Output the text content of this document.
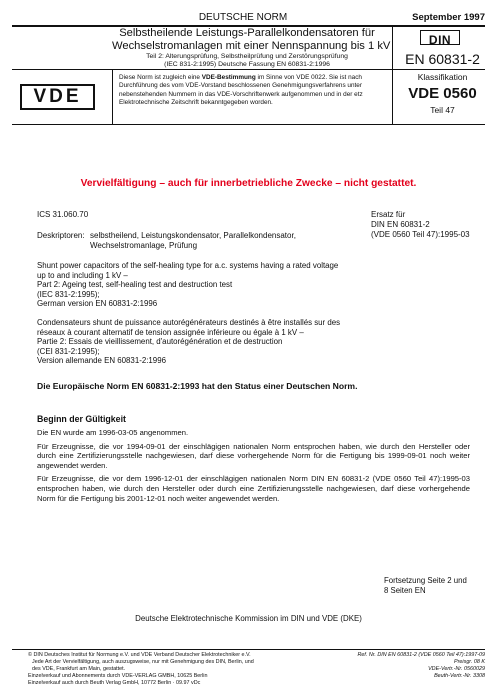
DEUTSCHE NORM	September 1997
Selbstheilende Leistungs-Parallelkondensatoren für
Wechselstromanlagen mit einer Nennspannung bis 1 kV
Teil 2: Alterungsprüfung, Selbstheilprüfung und Zerstörungsprüfung
(IEC 831-2:1995) Deutsche Fassung EN 60831-2:1996
DIN
EN 60831-2
VDE
Diese Norm ist zugleich eine VDE-Bestimmung im Sinne von VDE 0022. Sie ist nach Durchführung des vom VDE-Vorstand beschlossenen Genehmigungsverfahrens unter nebenstehenden Nummern in das VDE-Vorschriftenwerk aufgenommen und in der etz Elektrotechnische Zeitschrift bekanntgegeben worden.
Klassifikation
VDE 0560
Teil 47
Vervielfältigung – auch für innerbetriebliche Zwecke – nicht gestattet.
ICS 31.060.70	Ersatz für
DIN EN 60831-2
(VDE 0560 Teil 47):1995-03
Deskriptoren: selbstheilend, Leistungskondensator, Parallelkondensator,
Wechselstromanlage, Prüfung
Shunt power capacitors of the self-healing type for a.c. systems having a rated voltage
up to and including 1 kV –
Part 2: Ageing test, self-healing test and destruction test
(IEC 831-2:1995);
German version EN 60831-2:1996
Condensateurs shunt de puissance autorégénérateurs destinés à être installés sur des
réseaux à courant alternatif de tension assignée inférieure ou égale à 1 kV –
Partie 2: Essais de vieillissement, d'autorégénération et de destruction
(CEI 831-2:1995);
Version allemande EN 60831-2:1996
Die Europäische Norm EN 60831-2:1993 hat den Status einer Deutschen Norm.
Beginn der Gültigkeit

Die EN wurde am 1996-03-05 angenommen.

Für Erzeugnisse, die vor 1994-09-01 der einschlägigen nationalen Norm entsprochen haben, wie durch den Hersteller oder durch eine Zertifizierungsstelle nachgewiesen, darf diese vorhergehende Norm für die Fertigung bis 1999-09-01 noch weiter angewendet werden.

Für Erzeugnisse, die vor dem 1996-12-01 der einschlägigen nationalen Norm DIN EN 60831-2 (VDE 0560 Teil 47):1995-03 entsprochen haben, wie durch den Hersteller oder durch eine Zertifizierungsstelle nachgewiesen, darf diese vorhergehende Norm für die Fertigung bis 2001-12-01 noch weiter angewendet werden.

Fortsetzung Seite 2 und
8 Seiten EN
Deutsche Elektrotechnische Kommission im DIN und VDE (DKE)
© DIN Deutsches Institut für Normung e.V. und VDE Verband Deutscher Elektrotechniker e.V.
Jede Art der Vervielfältigung, auch auszugsweise, nur mit Genehmigung des DIN, Berlin, und
des VDE, Frankfurt am Main, gestattet.
Einzelverkauf und Abonnements durch VDE-VERLAG GMBH, 10625 Berlin
Einzelverkauf auch durch Beuth Verlag GmbH, 10772 Berlin · 09.97 vDc
Ref. Nr. DIN EN 60831-2 (VDE 0560 Teil 47):1997-09
Preisgr. 08 K
VDE-Vertr.-Nr. 0560029
Beuth-Vertr.-Nr. 3308
